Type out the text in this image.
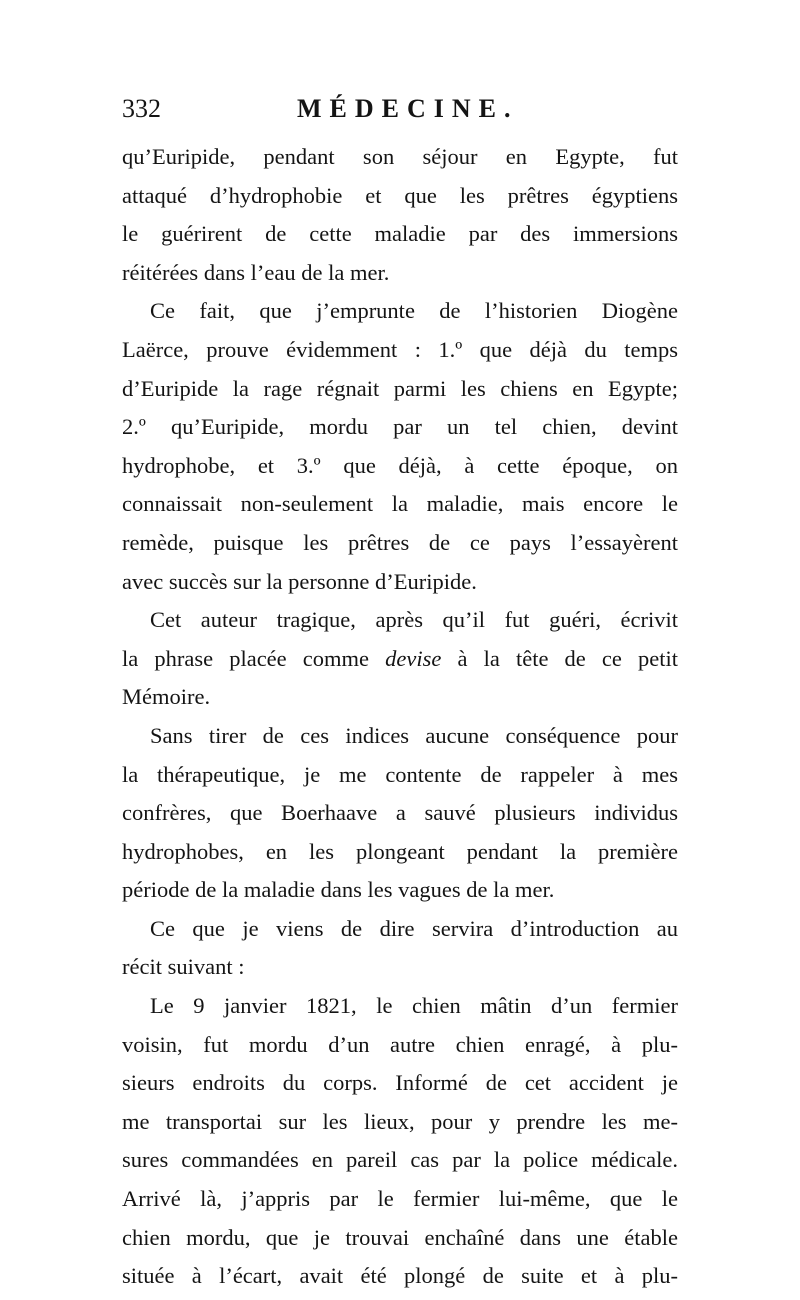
332	MÉDECINE.
qu’Euripide, pendant son séjour en Egypte, fut
attaqué d’hydrophobie et que les prêtres égyptiens
le guérirent de cette maladie par des immersions
réitérées dans l’eau de la mer.
Ce fait, que j’emprunte de l’historien Diogène
Laërce, prouve évidemment : 1.º que déjà du temps
d’Euripide la rage régnait parmi les chiens en Egypte;
2.º qu’Euripide, mordu par un tel chien, devint
hydrophobe, et 3.º que déjà, à cette époque, on
connaissait non-seulement la maladie, mais encore le
remède, puisque les prêtres de ce pays l’essayèrent
avec succès sur la personne d’Euripide.
Cet auteur tragique, après qu’il fut guéri, écrivit
la phrase placée comme devise à la tête de ce petit
Mémoire.
Sans tirer de ces indices aucune conséquence pour
la thérapeutique, je me contente de rappeler à mes
confrères, que Boerhaave a sauvé plusieurs individus
hydrophobes, en les plongeant pendant la première
période de la maladie dans les vagues de la mer.
Ce que je viens de dire servira d’introduction au
récit suivant :
Le 9 janvier 1821, le chien mâtin d’un fermier
voisin, fut mordu d’un autre chien enragé, à plu-
sieurs endroits du corps. Informé de cet accident je
me transportai sur les lieux, pour y prendre les me-
sures commandées en pareil cas par la police médicale.
Arrivé là, j’appris par le fermier lui-même, que le
chien mordu, que je trouvai enchaîné dans une étable
située à l’écart, avait été plongé de suite et à plu-
